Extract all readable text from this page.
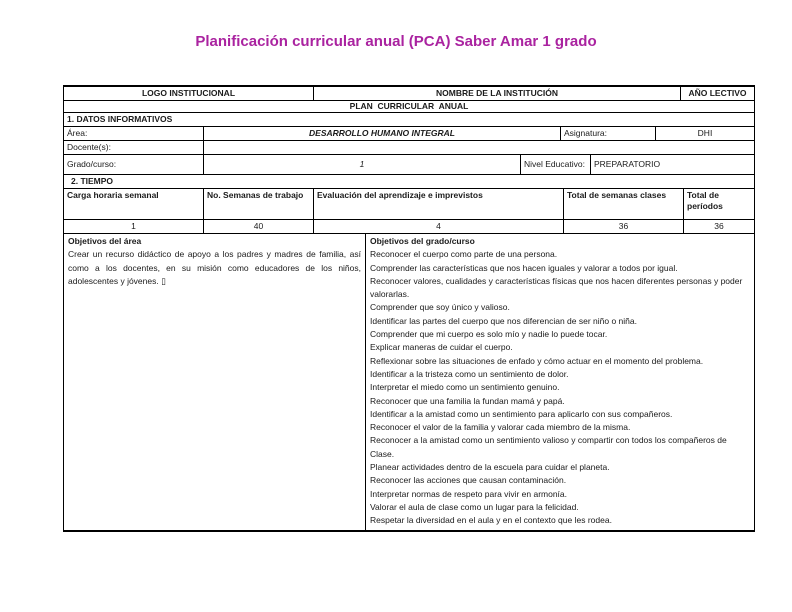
Planificación curricular anual (PCA) Saber Amar 1 grado
LOGO INSTITUCIONAL	NOMBRE DE LA INSTITUCIÓN	AÑO LECTIVO
PLAN  CURRICULAR  ANUAL
1. DATOS INFORMATIVOS
Área:	DESARROLLO HUMANO INTEGRAL	Asignatura:	DHI
Docente(s):
Grado/curso:	1	Nivel Educativo:	PREPARATORIO
2. TIEMPO
Carga horaria semanal	No. Semanas de trabajo	Evaluación del aprendizaje e imprevistos	Total de semanas clases	Total de períodos
1	40	4	36	36
Objetivos del área
Crear un recurso didáctico de apoyo a los padres y madres de familia, así como a los docentes, en su misión como educadores de los niños, adolescentes y jóvenes. ▯
Objetivos del grado/curso
Reconocer el cuerpo como parte de una persona.
Comprender las características que nos hacen iguales y valorar a todos por igual.
Reconocer valores, cualidades y características físicas que nos hacen diferentes personas y poder valorarlas.
Comprender que soy único y valioso.
Identificar las partes del cuerpo que nos diferencian de ser niño o niña.
Comprender que mi cuerpo es solo mío y nadie lo puede tocar.
Explicar maneras de cuidar el cuerpo.
Reflexionar sobre las situaciones de enfado y cómo actuar en el momento del problema.
Identificar a la tristeza como un sentimiento de dolor.
Interpretar el miedo como un sentimiento genuino.
Reconocer que una familia la fundan mamá y papá.
Identificar a la amistad como un sentimiento para aplicarlo con sus compañeros.
Reconocer el valor de la familia y valorar cada miembro de la misma.
Reconocer a la amistad como un sentimiento valioso y compartir con todos los compañeros de Clase.
Planear actividades dentro de la escuela para cuidar el planeta.
Reconocer las acciones que causan contaminación.
Interpretar normas de respeto para vivir en armonía.
Valorar el aula de clase como un lugar para la felicidad.
Respetar la diversidad en el aula y en el contexto que les rodea.
